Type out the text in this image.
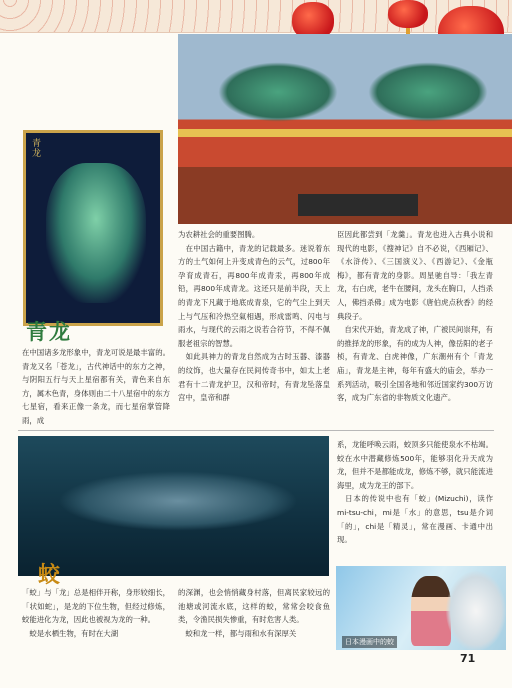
青龙
青龙

在中国诸多龙形象中，青龙可说是最丰富的。青龙又名「苍龙」，古代神话中的东方之神，与阴阳五行与天上星宿都有关，青色来自东方，属木色青，身体则由二十八星宿中的东方七星宿，看来正像一条龙，而七星宿掌管降雨，成

为农耕社会的重要图腾。
　在中国古籍中，青龙的记载最多。迷说着东方的土气如何上升变成青色的云气，过800年孕育成青石，再800年成青汞，再800年成铅，再800年成青龙。这还只是前半段，天上的青龙下凡藏于地底成青泉，它的气尘上到天上与气压和冷热空氣相遇，形成雷鸣、闪电与雨水，与现代的云雨之说若合符节，不得不佩服老祖宗的智慧。
　如此具神力的青龙自然成为古时玉器、漆器的纹饰，也大量存在民间传奇书中，如太上老君有十二青龙护卫，汉和帝时，有青龙坠落皇宫中，皇帝和群

臣因此都尝到「龙羹」。青龙也进入古典小说和现代的电影，《搜神记》自不必说，《西厢记》、《水浒传》、《三国演义》、《西游记》、《金瓶梅》，都有青龙的身影。周星驰自导：「我左青龙，右白虎，老牛在腰间，龙头在胸口，人挡杀人，佛挡杀佛」成为电影《唐伯虎点秋香》的经典段子。
　自宋代开始，青龙成了神，广被民间崇拜，有的推择龙的形象，有的成为人神，像岳阳的老子桢，有青龙、白虎神像，广东潮州有个「青龙庙」，青龙是主神，每年有盛大的庙会，举办一系列活动，吸引全国各地和邻近国家约300万访客，成为广东省的非物质文化遗产。

蛟

「蛟」与「龙」总是相伴开称，身形较细长，「状如蛇」，是龙的下位生物，但经过修炼，蛟能进化为龙，因此也被视为龙的一种。
　蛟是水栖生物，有时在大湖

的深渊，也会悄悄藏身村落，但离民家较远的池塘或河流水底，这样的蛟，常常会咬食鱼类，令渔民损失惨重，有时危害人类。
　蛟和龙一样，都与雨和水有深厚关

系，龙能呼唤云雨，蛟顶多只能使泉水不枯竭。蛟在水中潜藏修炼500年，能够羽化升天成为龙，但并不是都能成龙，修炼不够，就只能流进海里，成为龙王的部下。
　日本的传说中也有「蛟」(Mizuchi)，读作mi-tsu-chi，mi是「水」的意思，tsu是介词「的」，chi是「精灵」，常在漫画、卡通中出现。

日本漫画中的蛟
71
